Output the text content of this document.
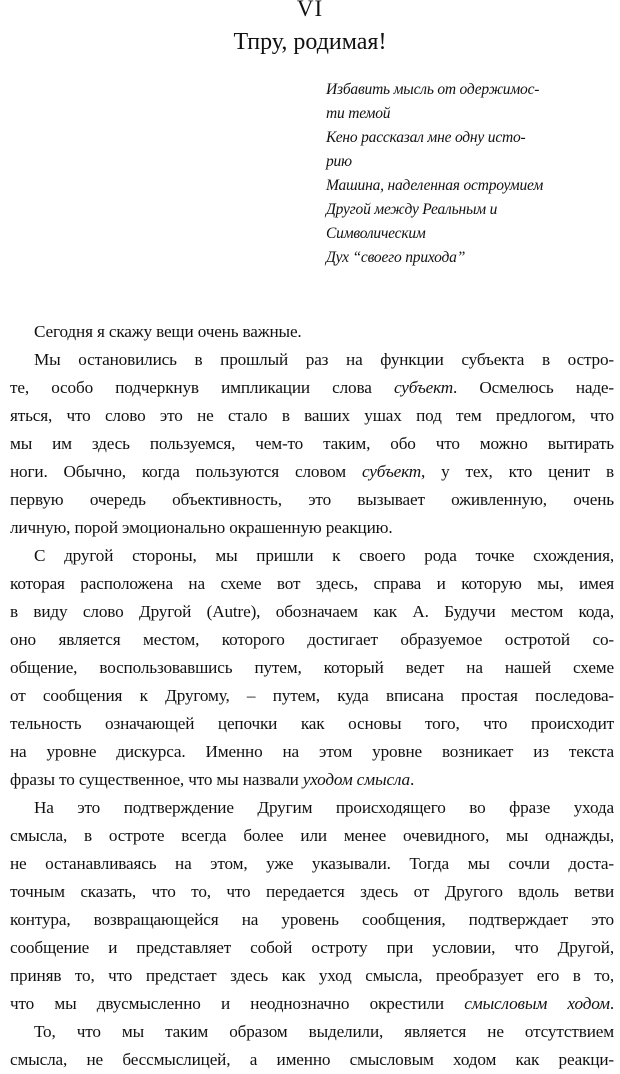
VI
Тпру, родимая!
Избавить мысль от одержимос-
ти темой
Кено рассказал мне одну исто-
рию
Машина, наделенная остроумием
Другой между Реальным и
Символическим
Дух “своего прихода”
Сегодня я скажу вещи очень важные.
Мы остановились в прошлый раз на функции субъекта в остро-
те, особо подчеркнув импликации слова субъект. Осмелюсь наде-
яться, что слово это не стало в ваших ушах под тем предлогом, что
мы им здесь пользуемся, чем-то таким, обо что можно вытирать
ноги. Обычно, когда пользуются словом субъект, у тех, кто ценит в
первую очередь объективность, это вызывает оживленную, очень
личную, порой эмоционально окрашенную реакцию.
С другой стороны, мы пришли к своего рода точке схождения,
которая расположена на схеме вот здесь, справа и которую мы, имея
в виду слово Другой (Autre), обозначаем как А. Будучи местом кода,
оно является местом, которого достигает образуемое остротой со-
общение, воспользовавшись путем, который ведет на нашей схеме
от сообщения к Другому, – путем, куда вписана простая последова-
тельность означающей цепочки как основы того, что происходит
на уровне дискурса. Именно на этом уровне возникает из текста
фразы то существенное, что мы назвали уходом смысла.
На это подтверждение Другим происходящего во фразе ухода
смысла, в остроте всегда более или менее очевидного, мы однажды,
не останавливаясь на этом, уже указывали. Тогда мы сочли доста-
точным сказать, что то, что передается здесь от Другого вдоль ветви
контура, возвращающейся на уровень сообщения, подтверждает это
сообщение и представляет собой остроту при условии, что Другой,
приняв то, что предстает здесь как уход смысла, преобразует его в то,
что мы двусмысленно и неоднозначно окрестили смысловым ходом.
То, что мы таким образом выделили, является не отсутствием
смысла, не бессмыслицей, а именно смысловым ходом как реакци-
